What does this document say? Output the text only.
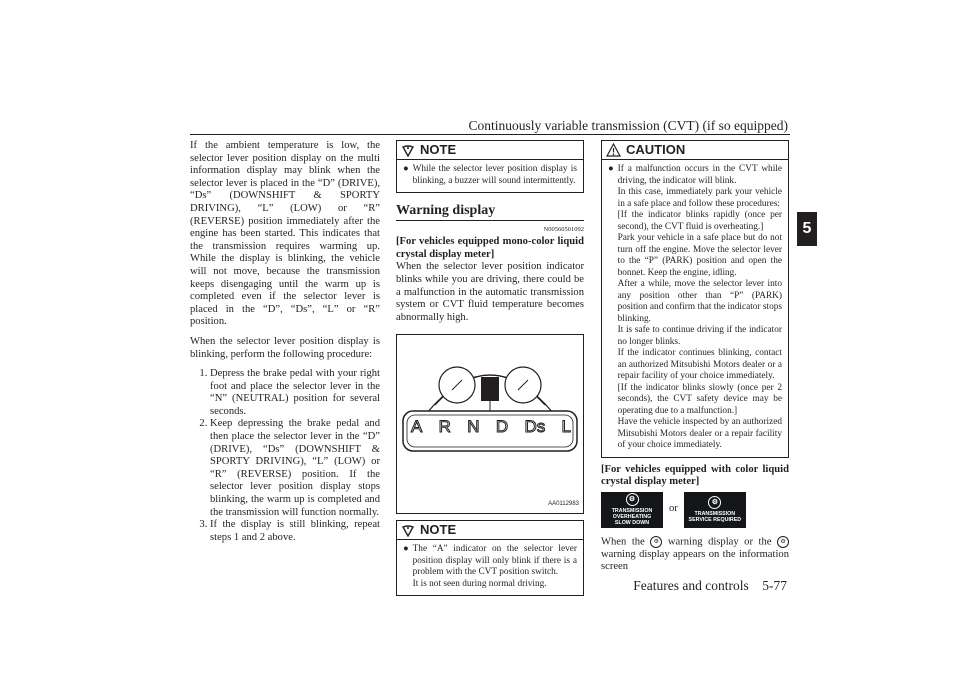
Continuously variable transmission (CVT) (if so equipped)
5

If the ambient temperature is low, the selector lever position display on the multi information display may blink when the selector lever is placed in the “D” (DRIVE), “Ds” (DOWNSHIFT & SPORTY DRIVING), “L” (LOW) or “R” (REVERSE) position immediately after the engine has been started. This indicates that the transmission requires warming up. While the display is blinking, the vehicle will not move, because the transmission keeps disengaging until the warm up is completed even if the selector lever is placed in the “D”, “Ds”, “L” or “R” position.

When the selector lever position display is blinking, perform the following procedure:

1. Depress the brake pedal with your right foot and place the selector lever in the “N” (NEUTRAL) position for several seconds.
2. Keep depressing the brake pedal and then place the selector lever in the “D” (DRIVE), “Ds” (DOWNSHIFT & SPORTY DRIVING), “L” (LOW) or “R” (REVERSE) position. If the selector lever position display stops blinking, the warm up is completed and the transmission will function normally.
3. If the display is still blinking, repeat steps 1 and 2 above.
NOTE
● While the selector lever position display is blinking, a buzzer will sound intermittently.
Warning display
N00560501092
[For vehicles equipped mono-color liquid crystal display meter]

When the selector lever position indicator blinks while you are driving, there could be a malfunction in the automatic transmission system or CVT fluid temperature becomes abnormally high.

A R N D Ds L
AA0112983
NOTE
● The “A” indicator on the selector lever position display will only blink if there is a problem with the CVT position switch.
It is not seen during normal driving.
CAUTION
● If a malfunction occurs in the CVT while driving, the indicator will blink.
In this case, immediately park your vehicle in a safe place and follow these procedures:
[If the indicator blinks rapidly (once per second), the CVT fluid is overheating.]
Park your vehicle in a safe place but do not turn off the engine. Move the selector lever to the “P” (PARK) position and open the bonnet. Keep the engine, idling.
After a while, move the selector lever into any position other than “P” (PARK) position and confirm that the indicator stops blinking.
It is safe to continue driving if the indicator no longer blinks.
If the indicator continues blinking, contact an authorized Mitsubishi Motors dealer or a repair facility of your choice immediately.
[If the indicator blinks slowly (once per 2 seconds), the CVT safety device may be operating due to a malfunction.]
Have the vehicle inspected by an authorized Mitsubishi Motors dealer or a repair facility of your choice immediately.
[For vehicles equipped with color liquid crystal display meter]
⚙
TRANSMISSION
OVERHEATING
SLOW DOWN
or
⚙
TRANSMISSION
SERVICE REQUIRED

When the ⚙ warning display or the ⚙ warning display appears on the information screen

Features and controls 5-77
